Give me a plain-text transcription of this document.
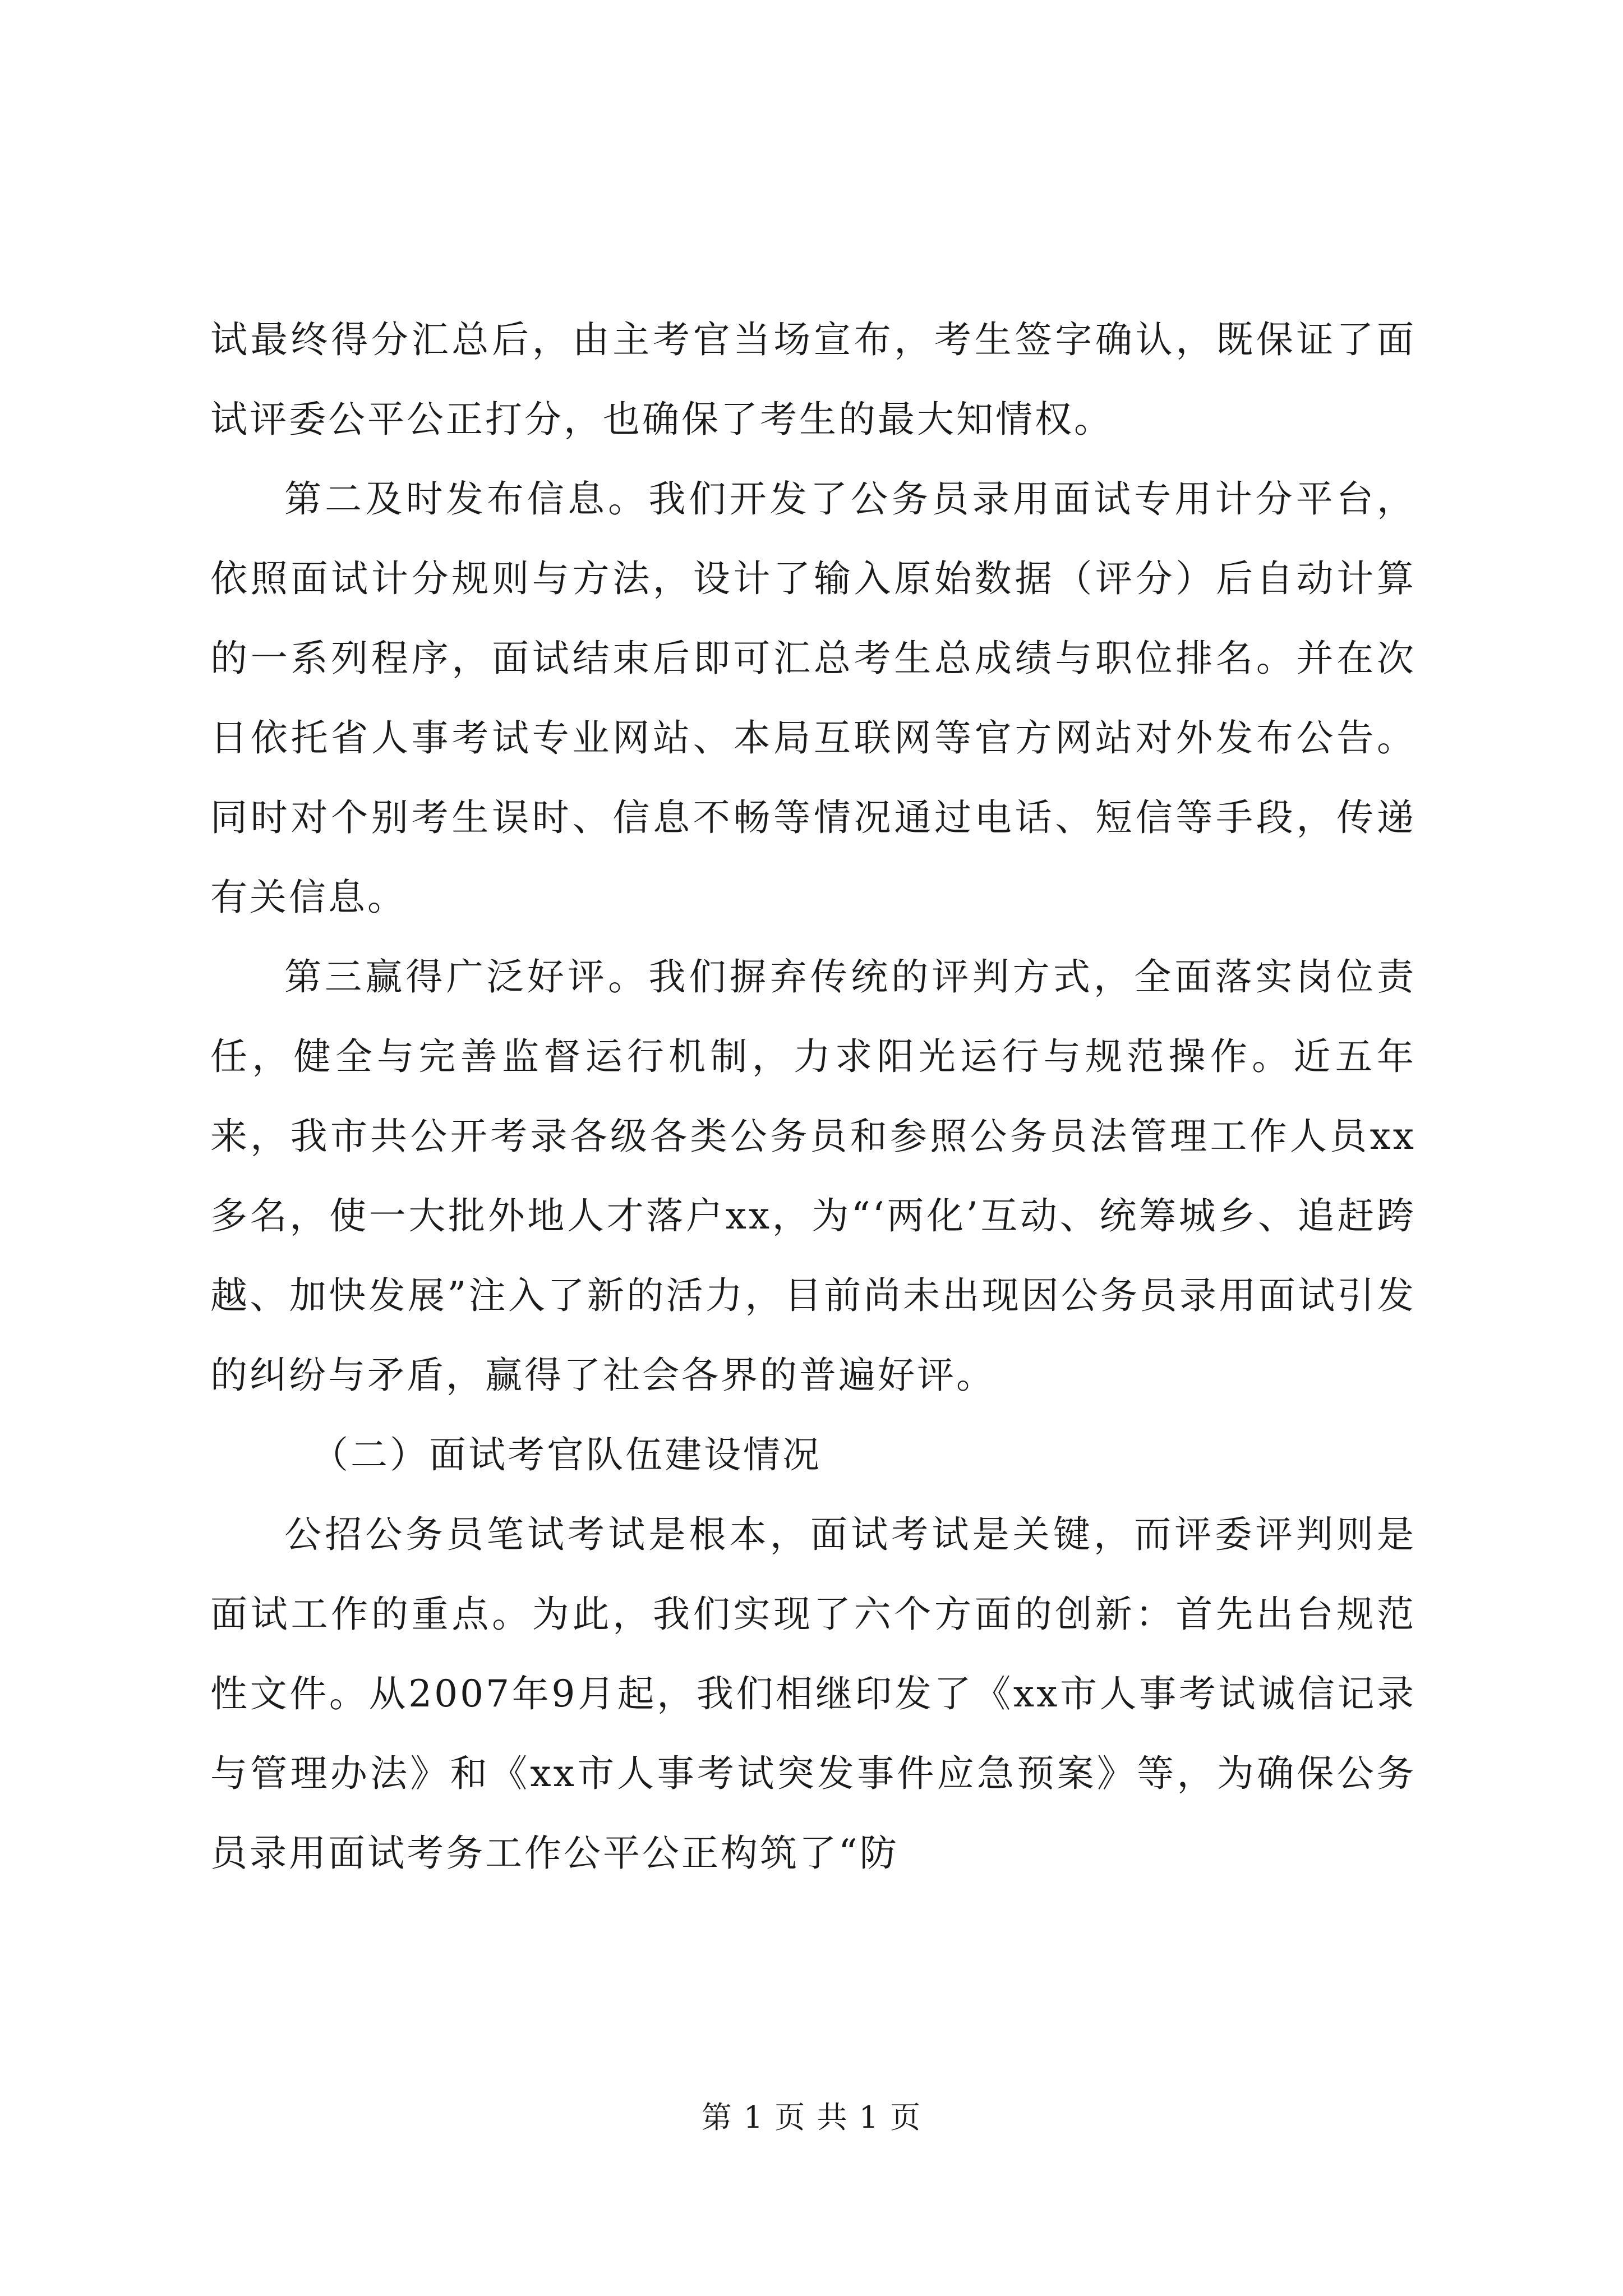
试最终得分汇总后，由主考官当场宣布，考生签字确认，既保证了面试评委公平公正打分，也确保了考生的最大知情权。

第二及时发布信息。我们开发了公务员录用面试专用计分平台，依照面试计分规则与方法，设计了输入原始数据（评分）后自动计算的一系列程序，面试结束后即可汇总考生总成绩与职位排名。并在次日依托省人事考试专业网站、本局互联网等官方网站对外发布公告。同时对个别考生误时、信息不畅等情况通过电话、短信等手段，传递有关信息。

第三赢得广泛好评。我们摒弃传统的评判方式，全面落实岗位责任，健全与完善监督运行机制，力求阳光运行与规范操作。近五年来，我市共公开考录各级各类公务员和参照公务员法管理工作人员xx多名，使一大批外地人才落户xx，为“‘两化’互动、统筹城乡、追赶跨越、加快发展”注入了新的活力，目前尚未出现因公务员录用面试引发的纠纷与矛盾，赢得了社会各界的普遍好评。

（二）面试考官队伍建设情况

公招公务员笔试考试是根本，面试考试是关键，而评委评判则是面试工作的重点。为此，我们实现了六个方面的创新：首先出台规范性文件。从2007年9月起，我们相继印发了《xx市人事考试诚信记录与管理办法》和《xx市人事考试突发事件应急预案》等，为确保公务员录用面试考务工作公平公正构筑了“防

第 1 页 共 1 页
